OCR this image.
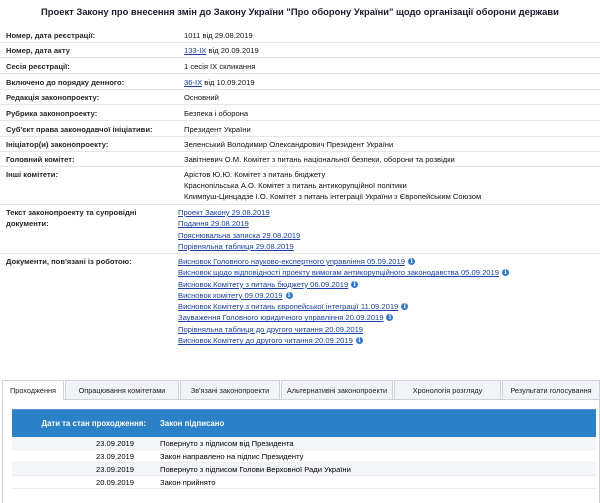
Проект Закону про внесення змін до Закону України "Про оборону України" щодо організації оборони держави
Номер, дата реєстрації:	1011 від 29.08.2019
Номер, дата акту	133-IX від 20.09.2019
Сесія реєстрації:	1 сесія IX скликання
Включено до порядку денного:	36-IX від 10.09.2019
Редакція законопроекту:	Основний
Рубрика законопроекту:	Безпека і оборона
Суб'єкт права законодавчої ініціативи:	Президент України
Ініціатор(и) законопроекту:	Зеленський Володимир Олександрович Президент України
Головний комітет:	Завітневич О.М. Комітет з питань національної безпеки, оборони та розвідки
Інші комітети:	Арістов Ю.Ю. Комітет з питань бюджету
Краснопільська А.О. Комітет з питань антикорупційної політики
Климпуш-Цинцадзе І.О. Комітет з питань інтеграції України з Європейським Союзом
Текст законопроекту та супровідні документи:
Проект Закону 29.08.2019
Подання 29.08.2019
Пояснювальна записка 29.08.2019
Порівняльна таблиця 29.08.2019
Документи, пов'язані із роботою:	Висновок Головного науково-експертного управління 05.09.2019 i
Висновок щодо відповідності проекту вимогам антикорупційного законодавства 05.09.2019 i
Висновок Комітету з питань бюджету 06.09.2019 i
Висновок комітету 09.09.2019 i
Висновок Комітету з питань європейської інтеграції 11.09.2019 i
Зауваження Головного юридичного управління 20.09.2019 i
Порівняльна таблиця до другого читання 20.09.2019
Висновок Комітету до другого читання 20.09.2019 i
Проходження	Опрацювання комітетами	Зв'язані законопроекти	Альтернативні законопроекти	Хронологія розгляду	Результати голосування
Дати та стан проходження:	Закон підписано
23.09.2019	Повернуто з підписом від Президента
23.09.2019	Закон направлено на підпис Президенту
23.09.2019	Повернуто з підписом Голови Верховної Ради України
20.09.2019	Закон прийнято
